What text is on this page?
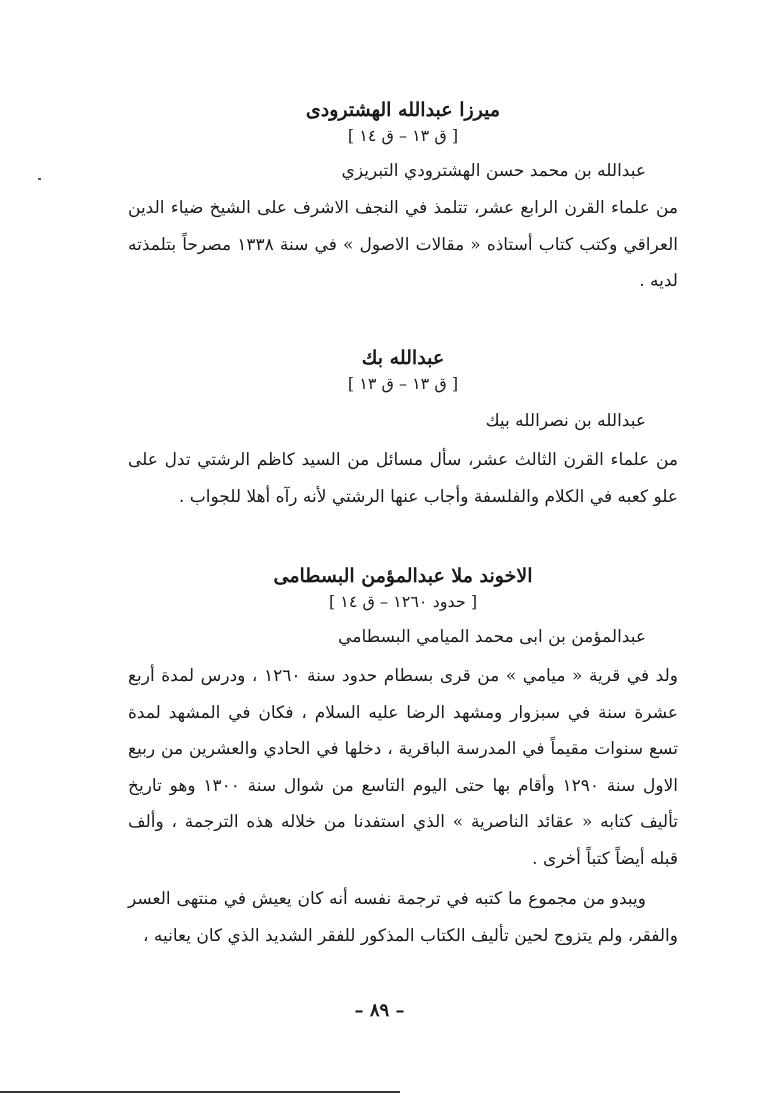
ميرزا عبدالله الهشترودی
[ ق ١٣ – ق ١٤ ]
عبدالله بن محمد حسن الهشترودي التبريزي
من علماء القرن الرابع عشر، تتلمذ في النجف الاشرف على الشيخ ضياء الدين العراقي وكتب كتاب أستاذه « مقالات الاصول » في سنة ١٣٣٨ مصرحاً بتلمذته لديه .
عبدالله بك
[ ق ١٣ – ق ١٣ ]
عبدالله بن نصرالله بيك
من علماء القرن الثالث عشر، سأل مسائل من السيد كاظم الرشتي تدل على علو كعبه في الكلام والفلسفة وأجاب عنها الرشتي لأنه رآه أهلا للجواب .
الاخوند ملا عبدالمؤمن البسطامی
[ حدود ١٢٦٠ – ق ١٤ ]
عبدالمؤمن بن ابی محمد الميامي البسطامي
ولد في قرية « ميامي » من قرى بسطام حدود سنة ١٢٦٠ ، ودرس لمدة أربع عشرة سنة في سبزوار ومشهد الرضا عليه السلام ، فكان في المشهد لمدة تسع سنوات مقيماً في المدرسة الباقرية ، دخلها في الحادي والعشرين من ربيع الاول سنة ١٢٩٠ وأقام بها حتى اليوم التاسع من شوال سنة ١٣٠٠ وهو تاريخ تأليف كتابه « عقائد الناصرية » الذي استفدنا من خلاله هذه الترجمة ، وألف قبله أيضاً كتباً أخرى .
ويبدو من مجموع ما كتبه في ترجمة نفسه أنه كان يعيش في منتهى العسر والفقر، ولم يتزوج لحين تأليف الكتاب المذكور للفقر الشديد الذي كان يعانيه ،
– ٨٩ –
